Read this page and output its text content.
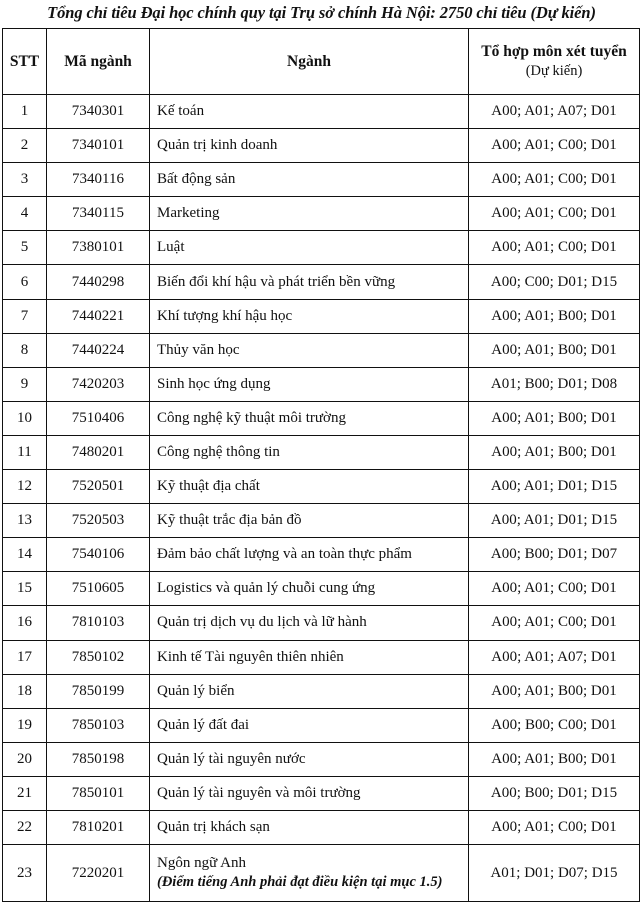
Tổng chỉ tiêu Đại học chính quy tại Trụ sở chính Hà Nội: 2750 chỉ tiêu (Dự kiến)
STT	Mã ngành	Ngành	Tổ hợp môn xét tuyển
(Dự kiến)

1	7340301	Kế toán	A00; A01; A07; D01
2	7340101	Quản trị kinh doanh	A00; A01; C00; D01
3	7340116	Bất động sản	A00; A01; C00; D01
4	7340115	Marketing	A00; A01; C00; D01
5	7380101	Luật	A00; A01; C00; D01
6	7440298	Biến đổi khí hậu và phát triển bền vững	A00; C00; D01; D15
7	7440221	Khí tượng khí hậu học	A00; A01; B00; D01
8	7440224	Thủy văn học	A00; A01; B00; D01
9	7420203	Sinh học ứng dụng	A01; B00; D01; D08
10	7510406	Công nghệ kỹ thuật môi trường	A00; A01; B00; D01
11	7480201	Công nghệ thông tin	A00; A01; B00; D01
12	7520501	Kỹ thuật địa chất	A00; A01; D01; D15
13	7520503	Kỹ thuật trắc địa bản đồ	A00; A01; D01; D15
14	7540106	Đảm bảo chất lượng và an toàn thực phẩm	A00; B00; D01; D07
15	7510605	Logistics và quản lý chuỗi cung ứng	A00; A01; C00; D01
16	7810103	Quản trị dịch vụ du lịch và lữ hành	A00; A01; C00; D01
17	7850102	Kinh tế Tài nguyên thiên nhiên	A00; A01; A07; D01
18	7850199	Quản lý biển	A00; A01; B00; D01
19	7850103	Quản lý đất đai	A00; B00; C00; D01
20	7850198	Quản lý tài nguyên nước	A00; A01; B00; D01
21	7850101	Quản lý tài nguyên và môi trường	A00; B00; D01; D15
22	7810201	Quản trị khách sạn	A00; A01; C00; D01
23	7220201	Ngôn ngữ Anh
(Điểm tiếng Anh phải đạt điều kiện tại mục 1.5)	A01; D01; D07; D15
